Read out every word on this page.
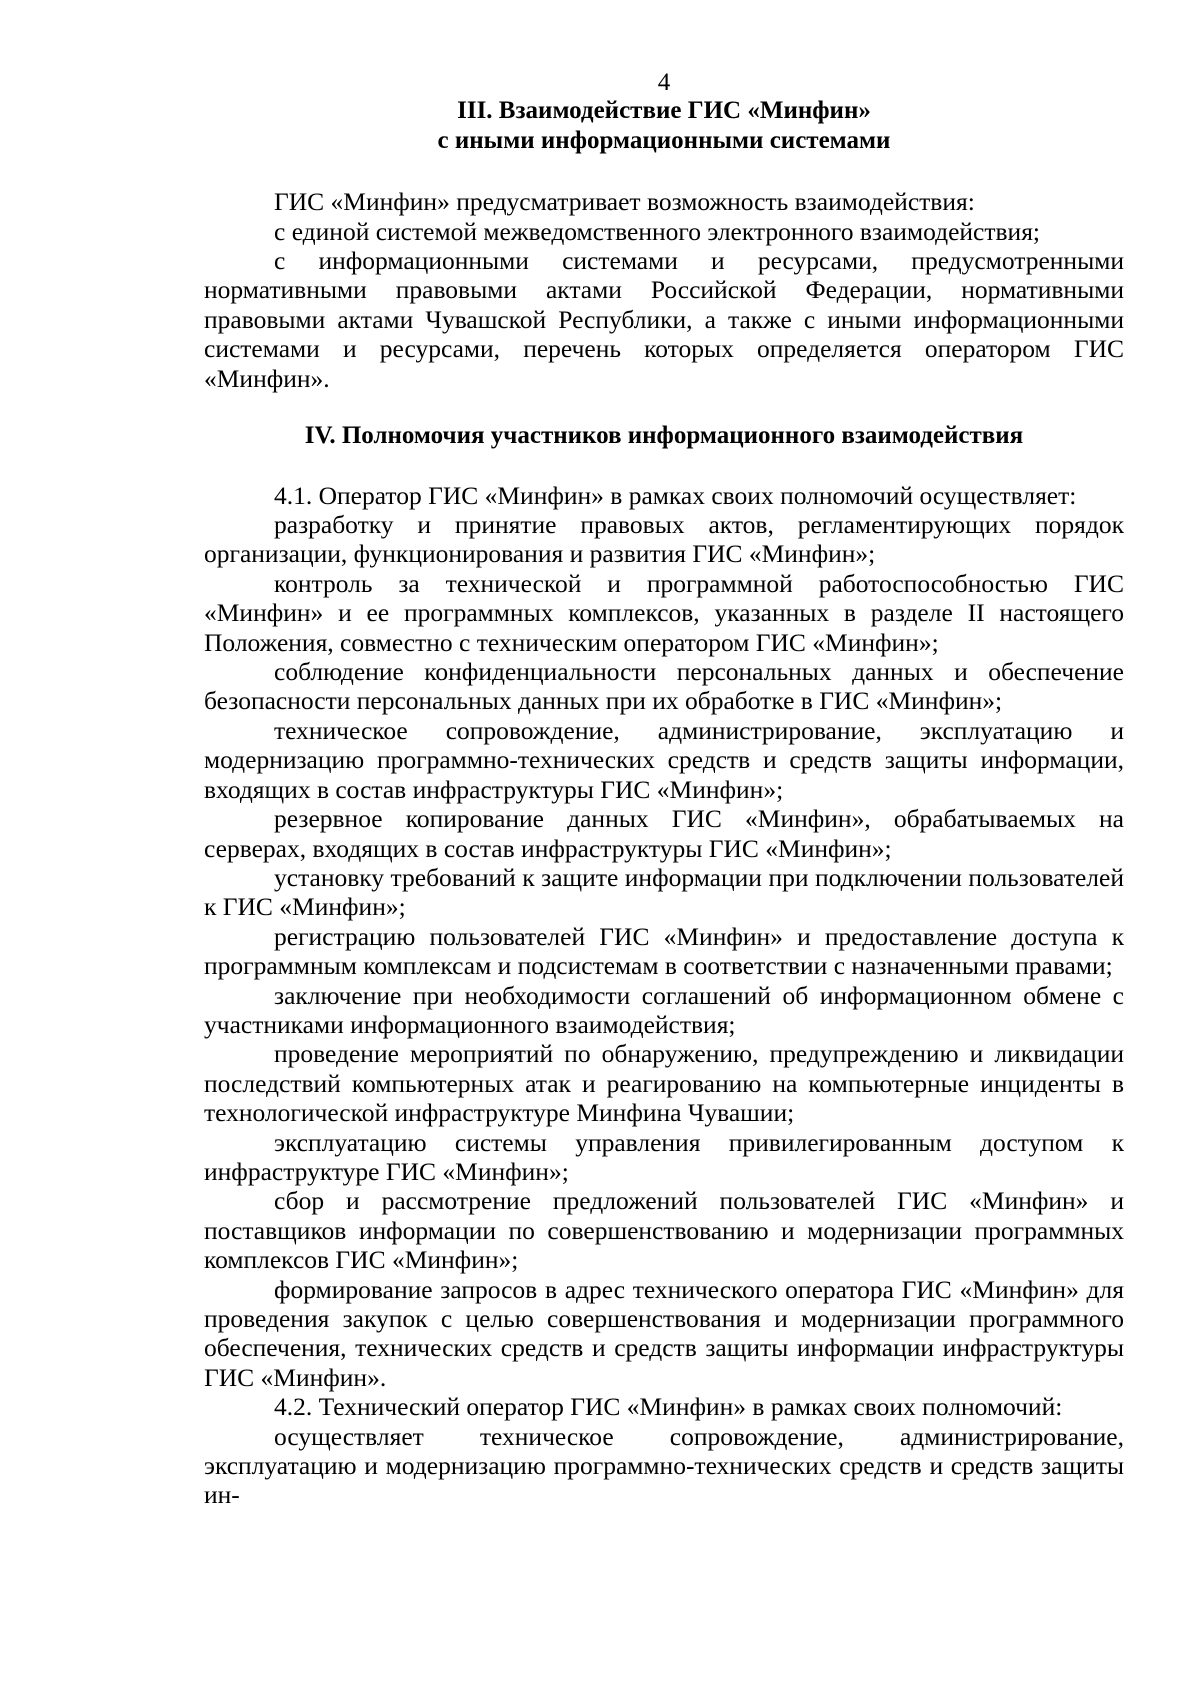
4
III. Взаимодействие ГИС «Минфин»
с иными информационными системами

ГИС «Минфин» предусматривает возможность взаимодействия:

с единой системой межведомственного электронного взаимодействия;

с информационными системами и ресурсами, предусмотренными нормативными правовыми актами Российской Федерации, нормативными правовыми актами Чувашской Республики, а также с иными информационными системами и ресурсами, перечень которых определяется оператором ГИС «Минфин».

IV. Полномочия участников информационного взаимодействия

4.1. Оператор ГИС «Минфин» в рамках своих полномочий осуществляет:

разработку и принятие правовых актов, регламентирующих порядок организации, функционирования и развития ГИС «Минфин»;

контроль за технической и программной работоспособностью ГИС «Минфин» и ее программных комплексов, указанных в разделе II настоящего Положения, совместно с техническим оператором ГИС «Минфин»;

соблюдение конфиденциальности персональных данных и обеспечение безопасности персональных данных при их обработке в ГИС «Минфин»;

техническое сопровождение, администрирование, эксплуатацию и модернизацию программно-технических средств и средств защиты информации, входящих в состав инфраструктуры ГИС «Минфин»;

резервное копирование данных ГИС «Минфин», обрабатываемых на серверах, входящих в состав инфраструктуры ГИС «Минфин»;

установку требований к защите информации при подключении пользователей к ГИС «Минфин»;

регистрацию пользователей ГИС «Минфин» и предоставление доступа к программным комплексам и подсистемам в соответствии с назначенными правами;

заключение при необходимости соглашений об информационном обмене с участниками информационного взаимодействия;

проведение мероприятий по обнаружению, предупреждению и ликвидации последствий компьютерных атак и реагированию на компьютерные инциденты в технологической инфраструктуре Минфина Чувашии;

эксплуатацию системы управления привилегированным доступом к инфраструктуре ГИС «Минфин»;

сбор и рассмотрение предложений пользователей ГИС «Минфин» и поставщиков информации по совершенствованию и модернизации программных комплексов ГИС «Минфин»;

формирование запросов в адрес технического оператора ГИС «Минфин» для проведения закупок с целью совершенствования и модернизации программного обеспечения, технических средств и средств защиты информации инфраструктуры ГИС «Минфин».

4.2. Технический оператор ГИС «Минфин» в рамках своих полномочий:

осуществляет техническое сопровождение, администрирование, эксплуатацию и модернизацию программно-технических средств и средств защиты ин-
